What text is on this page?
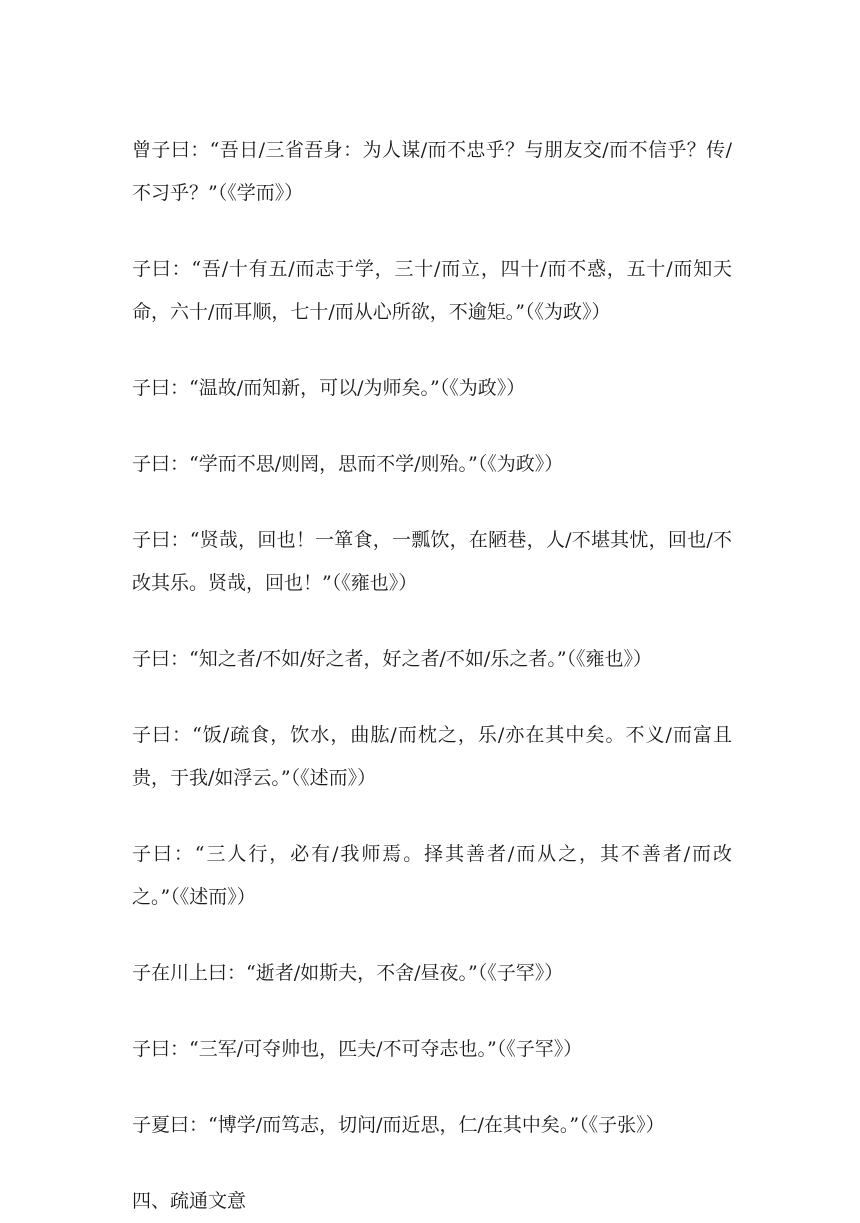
曾子曰：“吾日/三省吾身：为人谋/而不忠乎？与朋友交/而不信乎？传/不习乎？”（《学而》）

子曰：“吾/十有五/而志于学，三十/而立，四十/而不惑，五十/而知天命，六十/而耳顺，七十/而从心所欲，不逾矩。”（《为政》）

子曰：“温故/而知新，可以/为师矣。”（《为政》）

子曰：“学而不思/则罔，思而不学/则殆。”（《为政》）

子曰：“贤哉，回也！一箪食，一瓢饮，在陋巷，人/不堪其忧，回也/不改其乐。贤哉，回也！”（《雍也》）

子曰：“知之者/不如/好之者，好之者/不如/乐之者。”（《雍也》）

子曰：“饭/疏食，饮水，曲肱/而枕之，乐/亦在其中矣。不义/而富且贵，于我/如浮云。”（《述而》）

子曰：“三人行，必有/我师焉。择其善者/而从之，其不善者/而改之。”（《述而》）

子在川上曰：“逝者/如斯夫，不舍/昼夜。”（《子罕》）

子曰：“三军/可夺帅也，匹夫/不可夺志也。”（《子罕》）

子夏曰：“博学/而笃志，切问/而近思，仁/在其中矣。”（《子张》）

四、疏通文意
